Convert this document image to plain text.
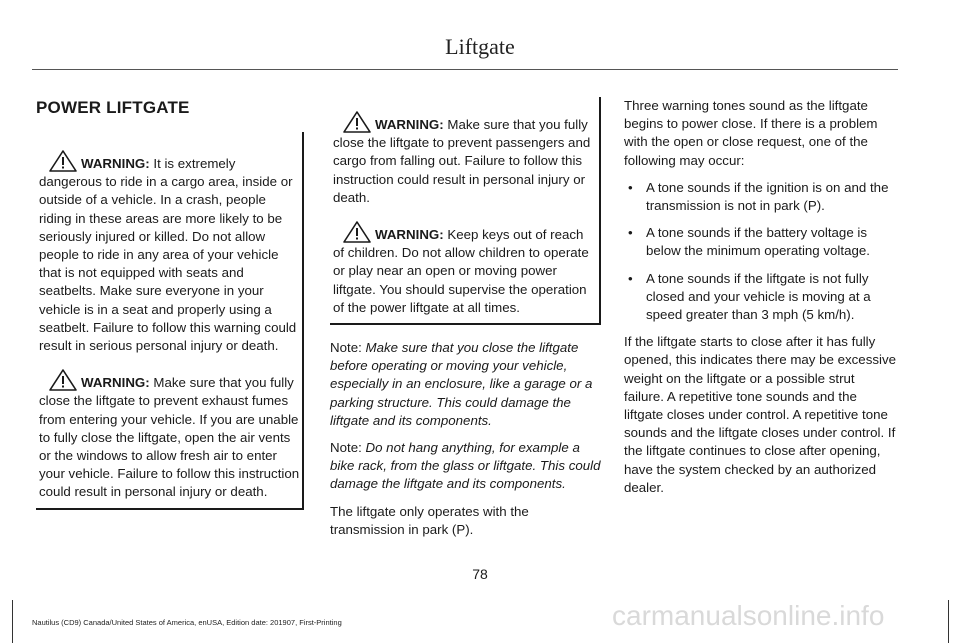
Liftgate
POWER LIFTGATE
WARNING: It is extremely dangerous to ride in a cargo area, inside or outside of a vehicle. In a crash, people riding in these areas are more likely to be seriously injured or killed. Do not allow people to ride in any area of your vehicle that is not equipped with seats and seatbelts. Make sure everyone in your vehicle is in a seat and properly using a seatbelt. Failure to follow this warning could result in serious personal injury or death.
WARNING: Make sure that you fully close the liftgate to prevent exhaust fumes from entering your vehicle. If you are unable to fully close the liftgate, open the air vents or the windows to allow fresh air to enter your vehicle. Failure to follow this instruction could result in personal injury or death.
WARNING: Make sure that you fully close the liftgate to prevent passengers and cargo from falling out. Failure to follow this instruction could result in personal injury or death.
WARNING: Keep keys out of reach of children. Do not allow children to operate or play near an open or moving power liftgate. You should supervise the operation of the power liftgate at all times.

Note: Make sure that you close the liftgate before operating or moving your vehicle, especially in an enclosure, like a garage or a parking structure. This could damage the liftgate and its components.

Note: Do not hang anything, for example a bike rack, from the glass or liftgate. This could damage the liftgate and its components.

The liftgate only operates with the transmission in park (P).

Three warning tones sound as the liftgate begins to power close. If there is a problem with the open or close request, one of the following may occur:

• A tone sounds if the ignition is on and the transmission is not in park (P).
• A tone sounds if the battery voltage is below the minimum operating voltage.
• A tone sounds if the liftgate is not fully closed and your vehicle is moving at a speed greater than 3 mph (5 km/h).

If the liftgate starts to close after it has fully opened, this indicates there may be excessive weight on the liftgate or a possible strut failure. A repetitive tone sounds and the liftgate closes under control. A repetitive tone sounds and the liftgate closes under control. If the liftgate continues to close after opening, have the system checked by an authorized dealer.

78
Nautilus (CD9) Canada/United States of America, enUSA, Edition date: 201907, First-Printing	carmanualsonline.info
